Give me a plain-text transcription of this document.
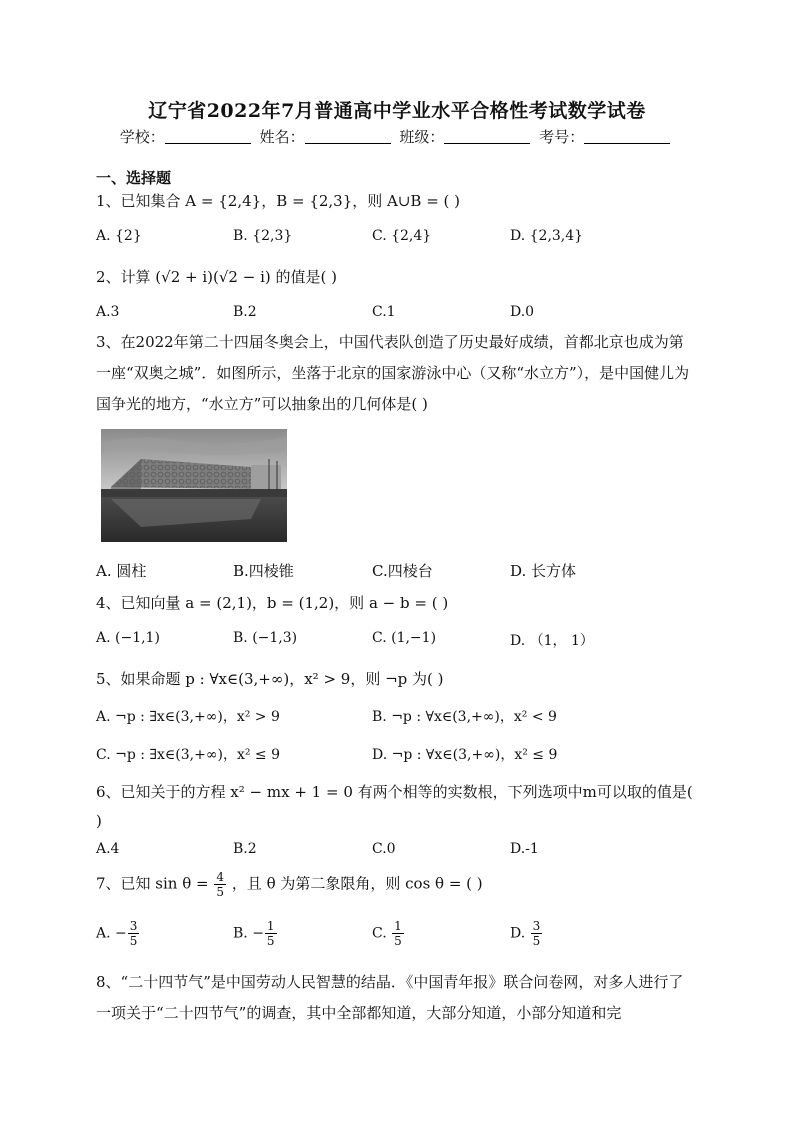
辽宁省2022年7月普通高中学业水平合格性考试数学试卷
学校：	姓名：	班级：	考号：
一、选择题
1、已知集合 A = {2,4}，B = {2,3}，则 A∪B = ( )
A. {2}	B. {2,3}	C. {2,4}	D. {2,3,4}
2、计算 (√2 + i)(√2 − i) 的值是( )
A.3	B.2	C.1	D.0
3、在2022年第二十四届冬奥会上，中国代表队创造了历史最好成绩，首都北京也成为第一座“双奥之城”．如图所示，坐落于北京的国家游泳中心（又称“水立方”），是中国健儿为国争光的地方，“水立方”可以抽象出的几何体是( )
A. 圆柱	B.四棱锥	C.四棱台	D. 长方体
4、已知向量 a = (2,1)，b = (1,2)，则 a − b = ( )
A. (−1,1)	B. (−1,3)	C. (1,−1)	D. （1， 1）
5、如果命题 p : ∀x∈(3,+∞)，x² > 9，则 ¬p 为( )
A. ¬p : ∃x∈(3,+∞)，x² > 9	B. ¬p : ∀x∈(3,+∞)，x² < 9
C. ¬p : ∃x∈(3,+∞)，x² ≤ 9	D. ¬p : ∀x∈(3,+∞)，x² ≤ 9
6、已知关于的方程 x² − mx + 1 = 0 有两个相等的实数根，下列选项中m可以取的值是(
)
A.4	B.2	C.0	D.-1
7、已知 $\sin \theta = \frac{4}{5}$ ，且 θ 为第二象限角，则 cos θ = ( )
A. − $\frac{3}{5}$	B. − $\frac{1}{5}$	C. $\frac{1}{5}$	D. $\frac{3}{5}$
8、“二十四节气”是中国劳动人民智慧的结晶．《中国青年报》联合问卷网，对多人进行了一项关于“二十四节气”的调查，其中全部都知道，大部分知道，小部分知道和完
